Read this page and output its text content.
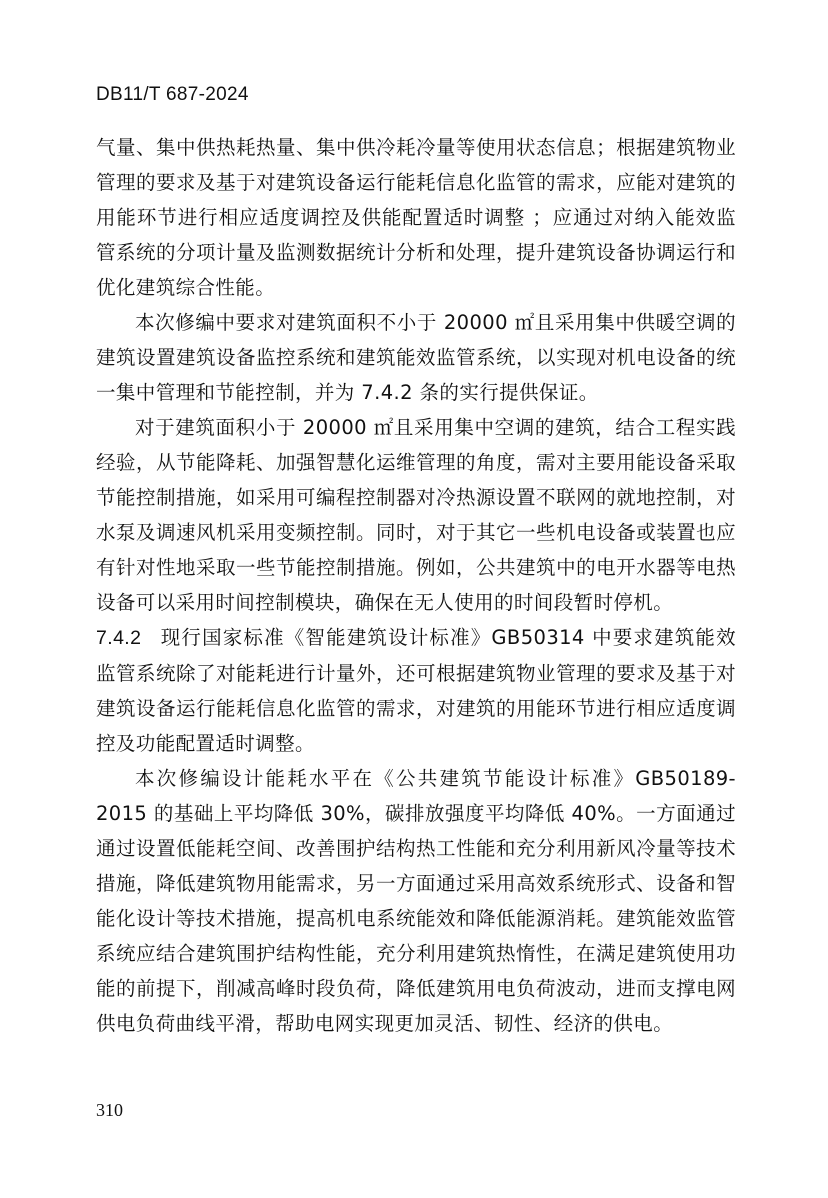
DB11/T 687-2024

气量、集中供热耗热量、集中供冷耗冷量等使用状态信息；根据建筑物业管理的要求及基于对建筑设备运行能耗信息化监管的需求，应能对建筑的用能环节进行相应适度调控及供能配置适时调整 ；应通过对纳入能效监管系统的分项计量及监测数据统计分析和处理，提升建筑设备协调运行和优化建筑综合性能。

本次修编中要求对建筑面积不小于 20000 ㎡且采用集中供暖空调的建筑设置建筑设备监控系统和建筑能效监管系统，以实现对机电设备的统一集中管理和节能控制，并为 7.4.2 条的实行提供保证。

对于建筑面积小于 20000 ㎡且采用集中空调的建筑，结合工程实践经验，从节能降耗、加强智慧化运维管理的角度，需对主要用能设备采取节能控制措施，如采用可编程控制器对冷热源设置不联网的就地控制，对水泵及调速风机采用变频控制。同时，对于其它一些机电设备或装置也应有针对性地采取一些节能控制措施。例如，公共建筑中的电开水器等电热设备可以采用时间控制模块，确保在无人使用的时间段暂时停机。

7.4.2 现行国家标准《智能建筑设计标准》GB50314 中要求建筑能效监管系统除了对能耗进行计量外，还可根据建筑物业管理的要求及基于对建筑设备运行能耗信息化监管的需求，对建筑的用能环节进行相应适度调控及功能配置适时调整。

本次修编设计能耗水平在《公共建筑节能设计标准》GB50189-2015 的基础上平均降低 30%，碳排放强度平均降低 40%。一方面通过通过设置低能耗空间、改善围护结构热工性能和充分利用新风冷量等技术措施，降低建筑物用能需求，另一方面通过采用高效系统形式、设备和智能化设计等技术措施，提高机电系统能效和降低能源消耗。建筑能效监管系统应结合建筑围护结构性能，充分利用建筑热惰性，在满足建筑使用功能的前提下，削减高峰时段负荷，降低建筑用电负荷波动，进而支撑电网供电负荷曲线平滑，帮助电网实现更加灵活、韧性、经济的供电。

310
